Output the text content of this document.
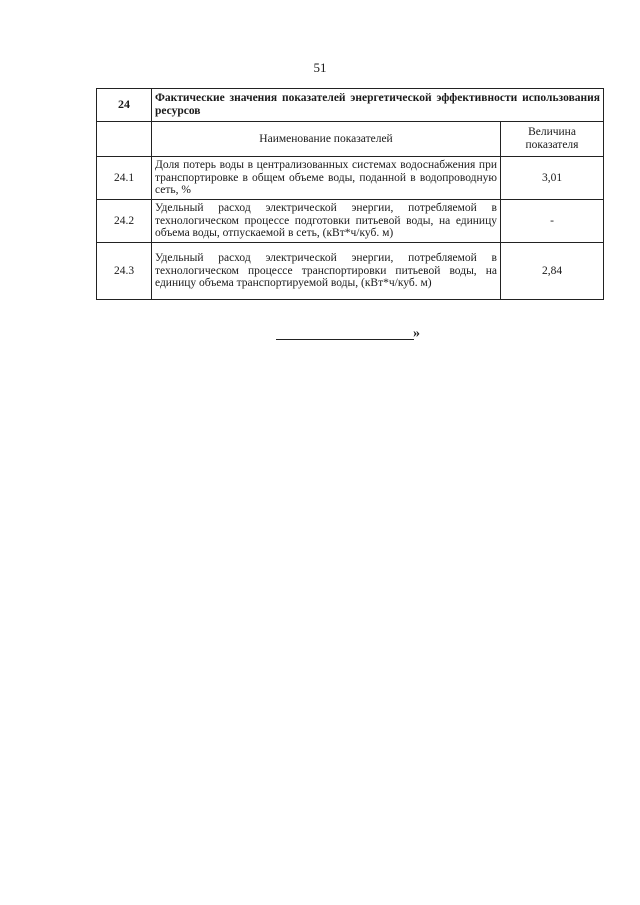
51
24	Фактические значения показателей энергетической эффективности использования ресурсов	
	Наименование показателей	Величина показателя
24.1	Доля потерь воды в централизованных системах водоснабжения при транспортировке в общем объеме воды, поданной в водопроводную сеть, %	3,01
24.2	Удельный расход электрической энергии, потребляемой в технологическом процессе подготовки питьевой воды, на единицу объема воды, отпускаемой в сеть, (кВт*ч/куб. м)	-
24.3	Удельный расход электрической энергии, потребляемой в технологическом процессе транспортировки питьевой воды, на единицу объема транспортируемой воды, (кВт*ч/куб. м)	2,84
»
